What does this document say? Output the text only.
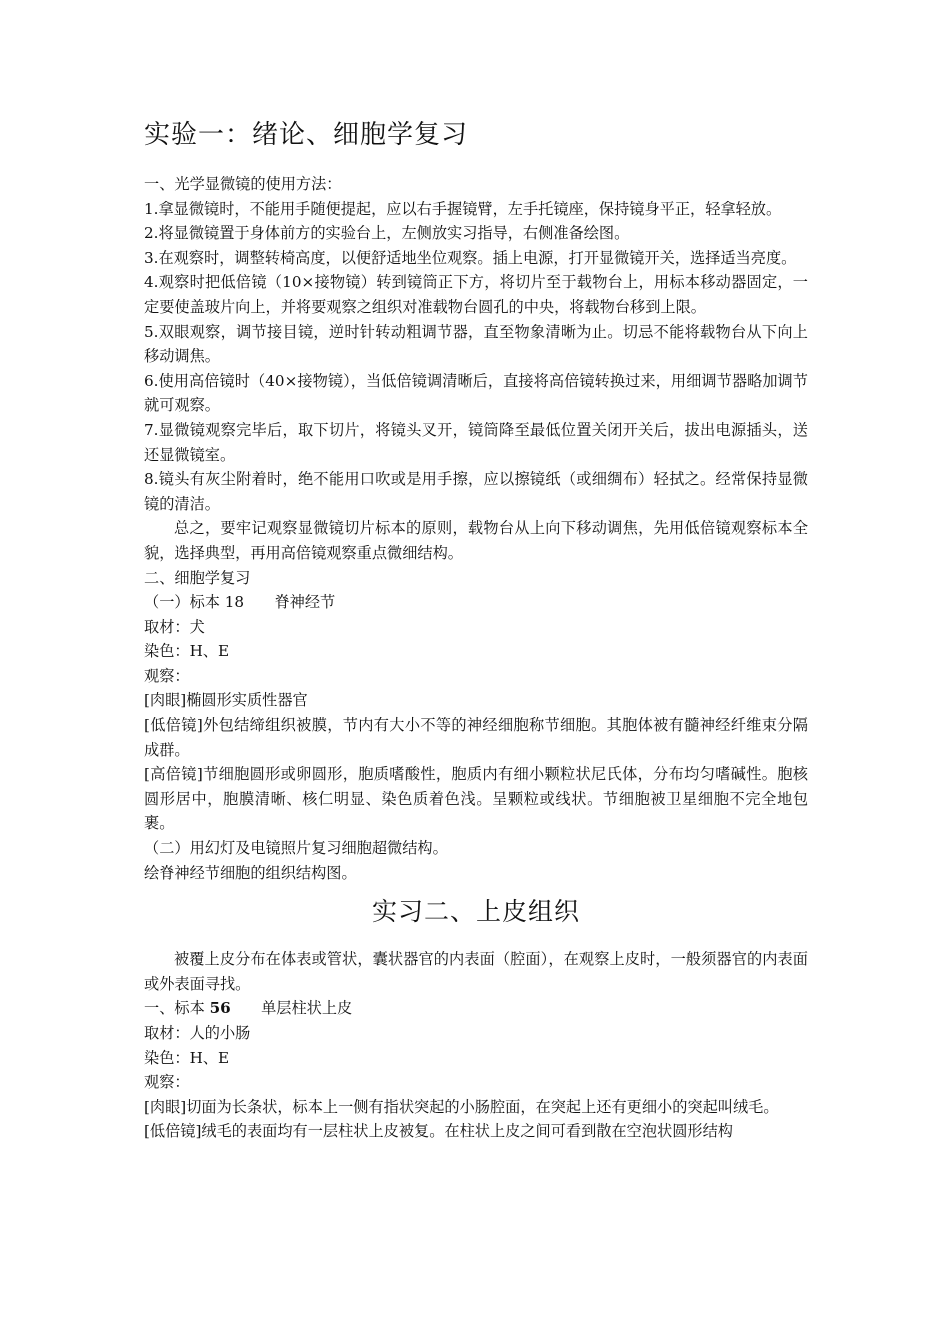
实验一：绪论、细胞学复习
一、光学显微镜的使用方法：
1.拿显微镜时，不能用手随便提起，应以右手握镜臂，左手托镜座，保持镜身平正，轻拿轻放。
2.将显微镜置于身体前方的实验台上，左侧放实习指导，右侧准备绘图。
3.在观察时，调整转椅高度，以便舒适地坐位观察。插上电源，打开显微镜开关，选择适当亮度。
4.观察时把低倍镜（10×接物镜）转到镜筒正下方，将切片至于载物台上，用标本移动器固定，一定要使盖玻片向上，并将要观察之组织对准载物台圆孔的中央，将载物台移到上限。
5.双眼观察，调节接目镜，逆时针转动粗调节器，直至物象清晰为止。切忌不能将载物台从下向上移动调焦。
6.使用高倍镜时（40×接物镜），当低倍镜调清晰后，直接将高倍镜转换过来，用细调节器略加调节就可观察。
7.显微镜观察完毕后，取下切片，将镜头叉开，镜筒降至最低位置关闭开关后，拔出电源插头，送还显微镜室。
8.镜头有灰尘附着时，绝不能用口吹或是用手擦，应以擦镜纸（或细绸布）轻拭之。经常保持显微镜的清洁。
总之，要牢记观察显微镜切片标本的原则，载物台从上向下移动调焦，先用低倍镜观察标本全貌，选择典型，再用高倍镜观察重点微细结构。
二、细胞学复习
（一）标本 18　　脊神经节
取材：犬
染色：H、E
观察：
[肉眼]椭圆形实质性器官
[低倍镜]外包结缔组织被膜，节内有大小不等的神经细胞称节细胞。其胞体被有髓神经纤维束分隔成群。
[高倍镜]节细胞圆形或卵圆形，胞质嗜酸性，胞质内有细小颗粒状尼氏体，分布均匀嗜碱性。胞核圆形居中，胞膜清晰、核仁明显、染色质着色浅。呈颗粒或线状。节细胞被卫星细胞不完全地包裹。
（二）用幻灯及电镜照片复习细胞超微结构。
绘脊神经节细胞的组织结构图。
实习二、上皮组织
被覆上皮分布在体表或管状，囊状器官的内表面（腔面），在观察上皮时，一般须器官的内表面或外表面寻找。
一、标本 56　　单层柱状上皮
取材：人的小肠
染色：H、E
观察：
[肉眼]切面为长条状，标本上一侧有指状突起的小肠腔面，在突起上还有更细小的突起叫绒毛。
[低倍镜]绒毛的表面均有一层柱状上皮被复。在柱状上皮之间可看到散在空泡状圆形结构
